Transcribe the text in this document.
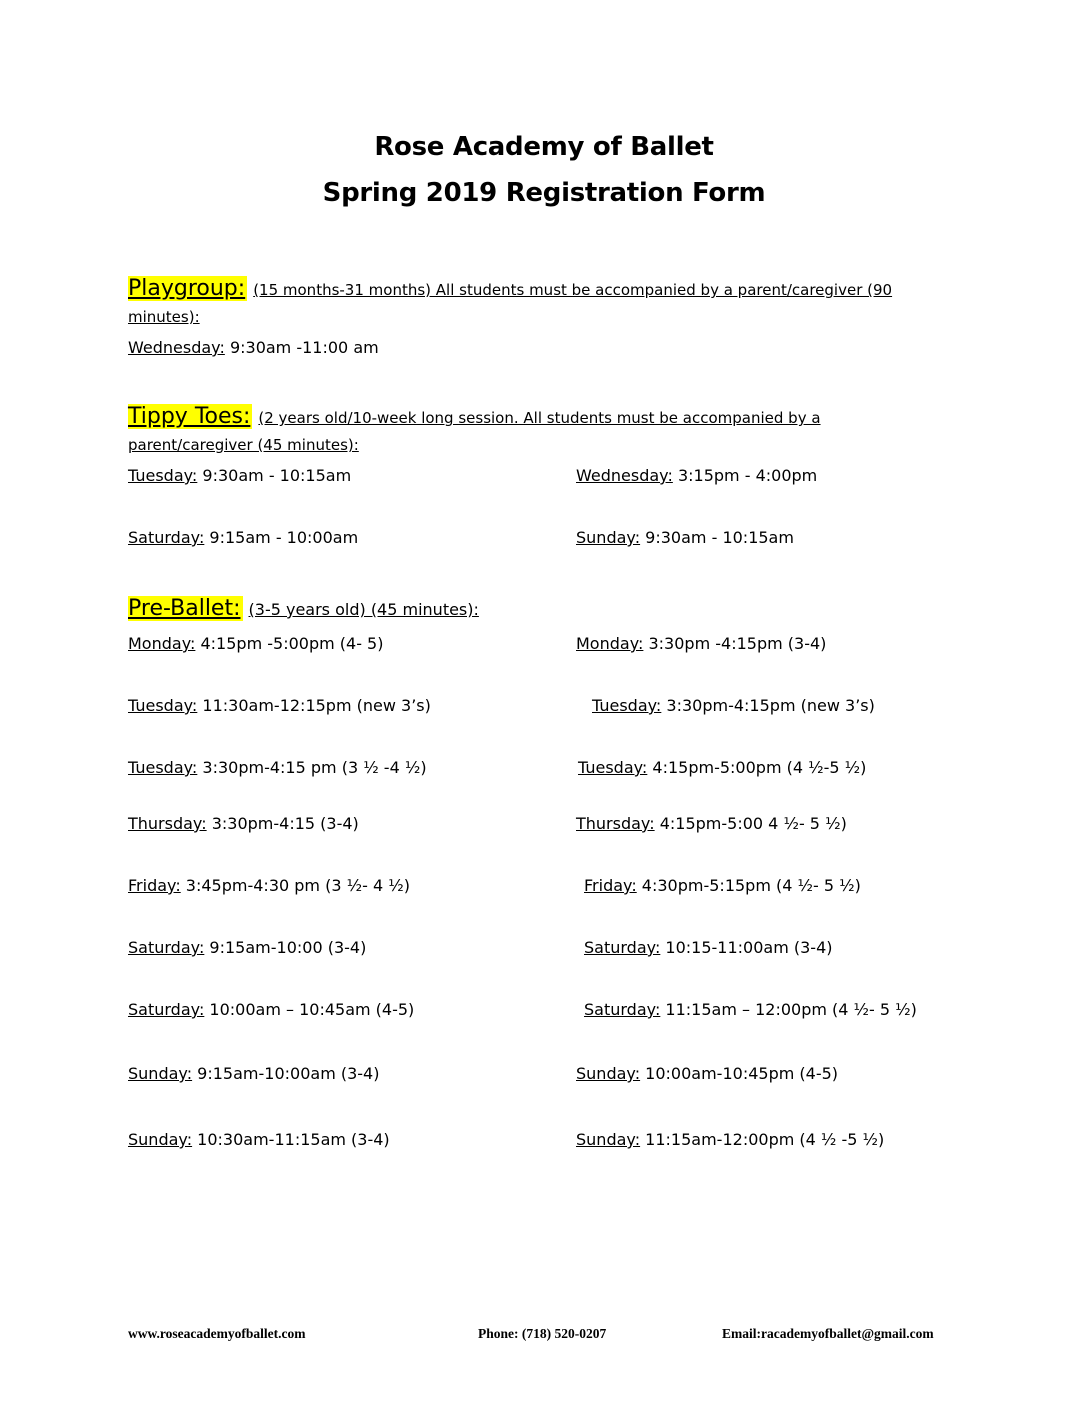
Rose Academy of Ballet
Spring 2019 Registration Form
Playgroup: (15 months-31 months) All students must be accompanied by a parent/caregiver (90
minutes):
Wednesday: 9:30am -11:00 am
Tippy Toes: (2 years old/10-week long session. All students must be accompanied by a
parent/caregiver (45 minutes):
Tuesday: 9:30am - 10:15am	Wednesday: 3:15pm - 4:00pm
Saturday: 9:15am - 10:00am	Sunday: 9:30am - 10:15am
Pre-Ballet: (3-5 years old) (45 minutes):
Monday: 4:15pm -5:00pm (4- 5)	Monday: 3:30pm -4:15pm (3-4)
Tuesday: 11:30am-12:15pm (new 3’s)	Tuesday: 3:30pm-4:15pm (new 3’s)
Tuesday: 3:30pm-4:15 pm (3 ½ -4 ½)	Tuesday: 4:15pm-5:00pm (4 ½-5 ½)
Thursday: 3:30pm-4:15 (3-4)	Thursday: 4:15pm-5:00 4 ½- 5 ½)
Friday: 3:45pm-4:30 pm (3 ½- 4 ½)	Friday: 4:30pm-5:15pm (4 ½- 5 ½)
Saturday: 9:15am-10:00 (3-4)	Saturday: 10:15-11:00am (3-4)
Saturday: 10:00am – 10:45am (4-5)	Saturday: 11:15am – 12:00pm (4 ½- 5 ½)
Sunday: 9:15am-10:00am (3-4)	Sunday: 10:00am-10:45pm (4-5)
Sunday: 10:30am-11:15am (3-4)	Sunday: 11:15am-12:00pm (4 ½ -5 ½)
www.roseacademyofballet.com	Phone: (718) 520-0207	Email:racademyofballet@gmail.com
